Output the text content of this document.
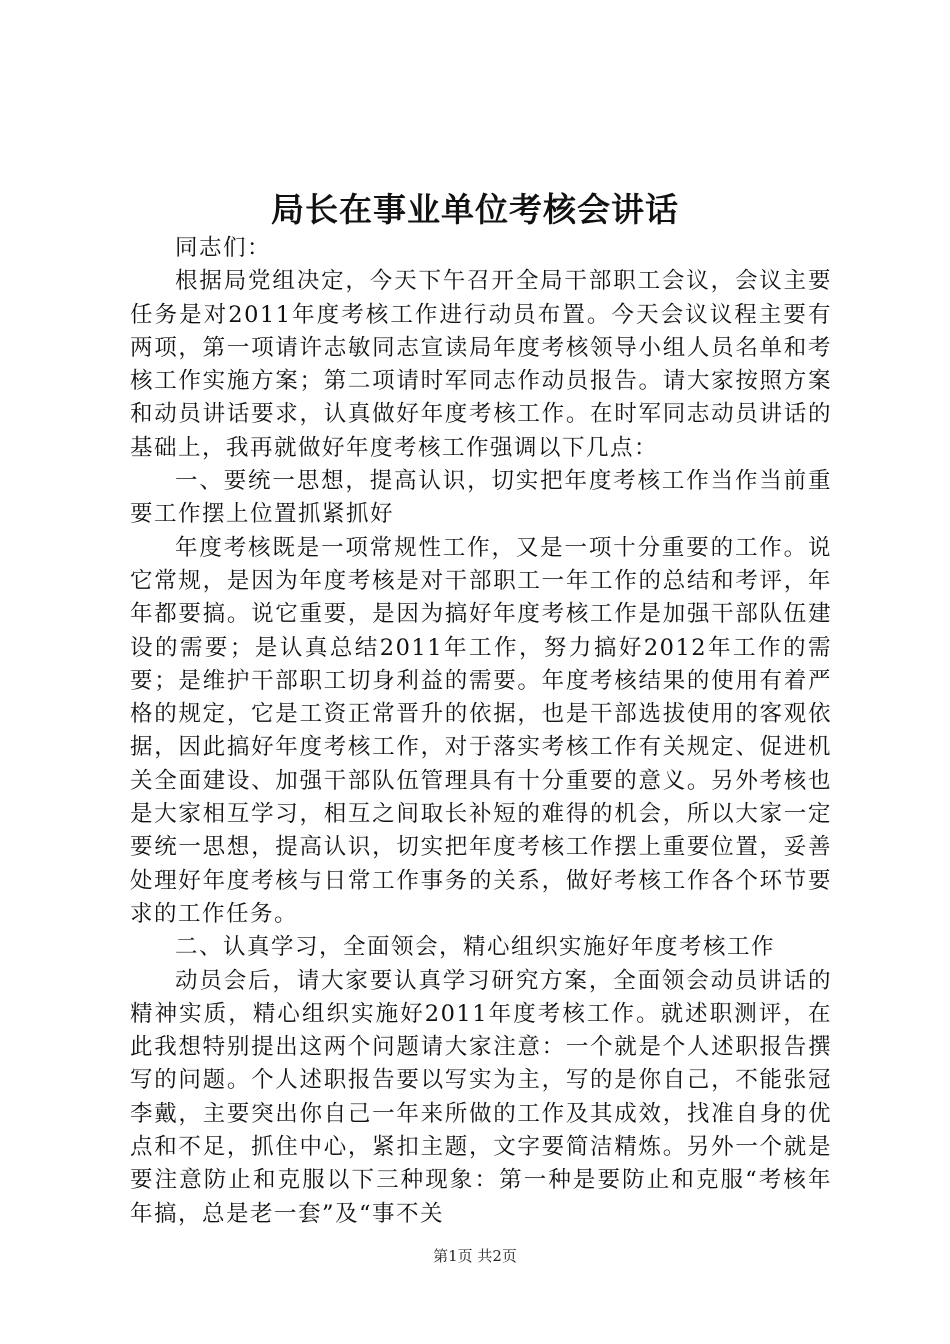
局长在事业单位考核会讲话

同志们：

根据局党组决定，今天下午召开全局干部职工会议，会议主要任务是对2011年度考核工作进行动员布置。今天会议议程主要有两项，第一项请许志敏同志宣读局年度考核领导小组人员名单和考核工作实施方案；第二项请时军同志作动员报告。请大家按照方案和动员讲话要求，认真做好年度考核工作。在时军同志动员讲话的基础上，我再就做好年度考核工作强调以下几点：

一、要统一思想，提高认识，切实把年度考核工作当作当前重要工作摆上位置抓紧抓好

年度考核既是一项常规性工作，又是一项十分重要的工作。说它常规，是因为年度考核是对干部职工一年工作的总结和考评，年年都要搞。说它重要，是因为搞好年度考核工作是加强干部队伍建设的需要；是认真总结2011年工作，努力搞好2012年工作的需要；是维护干部职工切身利益的需要。年度考核结果的使用有着严格的规定，它是工资正常晋升的依据，也是干部选拔使用的客观依据，因此搞好年度考核工作，对于落实考核工作有关规定、促进机关全面建设、加强干部队伍管理具有十分重要的意义。另外考核也是大家相互学习，相互之间取长补短的难得的机会，所以大家一定要统一思想，提高认识，切实把年度考核工作摆上重要位置，妥善处理好年度考核与日常工作事务的关系，做好考核工作各个环节要求的工作任务。

二、认真学习，全面领会，精心组织实施好年度考核工作

动员会后，请大家要认真学习研究方案，全面领会动员讲话的精神实质，精心组织实施好2011年度考核工作。就述职测评，在此我想特别提出这两个问题请大家注意：一个就是个人述职报告撰写的问题。个人述职报告要以写实为主，写的是你自己，不能张冠李戴，主要突出你自己一年来所做的工作及其成效，找准自身的优点和不足，抓住中心，紧扣主题，文字要简洁精炼。另外一个就是要注意防止和克服以下三种现象：第一种是要防止和克服“考核年年搞，总是老一套”及“事不关

第1页 共2页
